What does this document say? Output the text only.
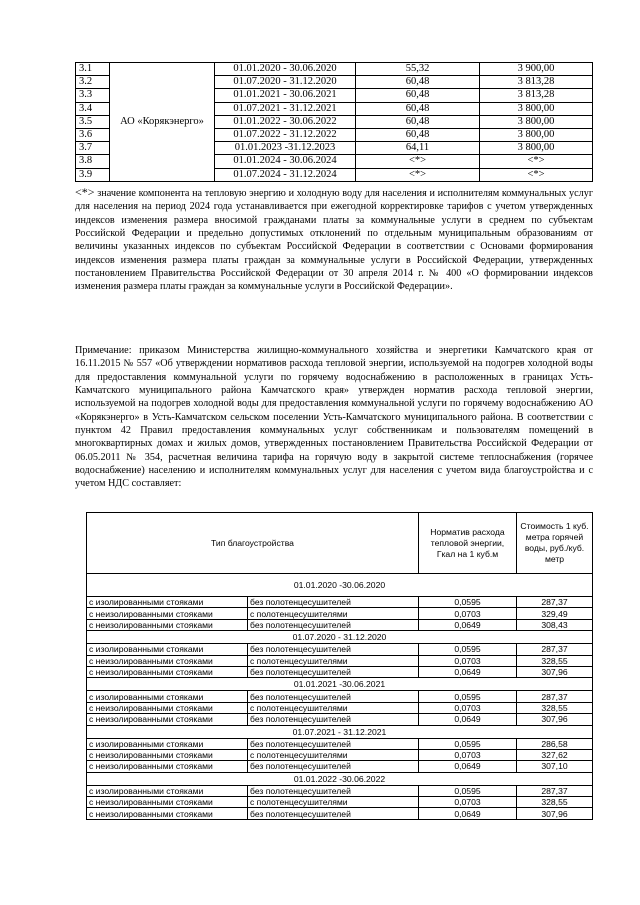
3.1	АО «Корякэнерго»	01.01.2020 - 30.06.2020	55,32	3 900,00
3.2		01.07.2020 - 31.12.2020	60,48	3 813,28
3.3		01.01.2021 - 30.06.2021	60,48	3 813,28
3.4		01.07.2021 - 31.12.2021	60,48	3 800,00
3.5		01.01.2022 - 30.06.2022	60,48	3 800,00
3.6		01.07.2022 - 31.12.2022	60,48	3 800,00
3.7		01.01.2023 -31.12.2023	64,11	3 800,00
3.8		01.01.2024 - 30.06.2024	<*>	<*>
3.9		01.07.2024 - 31.12.2024	<*>	<*>
<*> значение компонента на тепловую энергию и холодную воду для населения и исполнителям коммунальных услуг для населения на период 2024 года устанавливается при ежегодной корректировке тарифов с учетом утвержденных индексов изменения размера вносимой гражданами платы за коммунальные услуги в среднем по субъектам Российской Федерации и предельно допустимых отклонений по отдельным муниципальным образованиям от величины указанных индексов по субъектам Российской Федерации в соответствии с Основами формирования индексов изменения размера платы граждан за коммунальные услуги в Российской Федерации, утвержденных постановлением Правительства Российской Федерации от 30 апреля 2014 г. № 400 «О формировании индексов изменения размера платы граждан за коммунальные услуги в Российской Федерации».
Примечание: приказом Министерства жилищно-коммунального хозяйства и энергетики Камчатского края от 16.11.2015 № 557 «Об утверждении нормативов расхода тепловой энергии, используемой на подогрев холодной воды для предоставления коммунальной услуги по горячему водоснабжению в расположенных в границах Усть-Камчатского муниципального района Камчатского края» утвержден норматив расхода тепловой энергии, используемой на подогрев холодной воды для предоставления коммунальной услуги по горячему водоснабжению АО «Корякэнерго» в Усть-Камчатском сельском поселении Усть-Камчатского муниципального района. В соответствии с пунктом 42 Правил предоставления коммунальных услуг собственникам и пользователям помещений в многоквартирных домах и жилых домов, утвержденных постановлением Правительства Российской Федерации от 06.05.2011 № 354, расчетная величина тарифа на горячую воду в закрытой системе теплоснабжения (горячее водоснабжение) населению и исполнителям коммунальных услуг для населения с учетом вида благоустройства и с учетом НДС составляет:
Тип благоустройства		Норматив расхода тепловой энергии, Гкал на 1 куб.м	Стоимость 1 куб. метра горячей воды, руб./куб. метр
01.01.2020 -30.06.2020			
с изолированными стояками	без полотенцесушителей	0,0595	287,37
с неизолированными стояками	с полотенцесушителями	0,0703	329,49
с неизолированными стояками	без полотенцесушителей	0,0649	308,43
01.07.2020 - 31.12.2020			
с изолированными стояками	без полотенцесушителей	0,0595	287,37
с неизолированными стояками	с полотенцесушителями	0,0703	328,55
с неизолированными стояками	без полотенцесушителей	0,0649	307,96
01.01.2021 -30.06.2021			
с изолированными стояками	без полотенцесушителей	0,0595	287,37
с неизолированными стояками	с полотенцесушителями	0,0703	328,55
с неизолированными стояками	без полотенцесушителей	0,0649	307,96
01.07.2021 - 31.12.2021			
с изолированными стояками	без полотенцесушителей	0,0595	286,58
с неизолированными стояками	с полотенцесушителями	0,0703	327,62
с неизолированными стояками	без полотенцесушителей	0,0649	307,10
01.01.2022 -30.06.2022			
с изолированными стояками	без полотенцесушителей	0,0595	287,37
с неизолированными стояками	с полотенцесушителями	0,0703	328,55
с неизолированными стояками	без полотенцесушителей	0,0649	307,96
